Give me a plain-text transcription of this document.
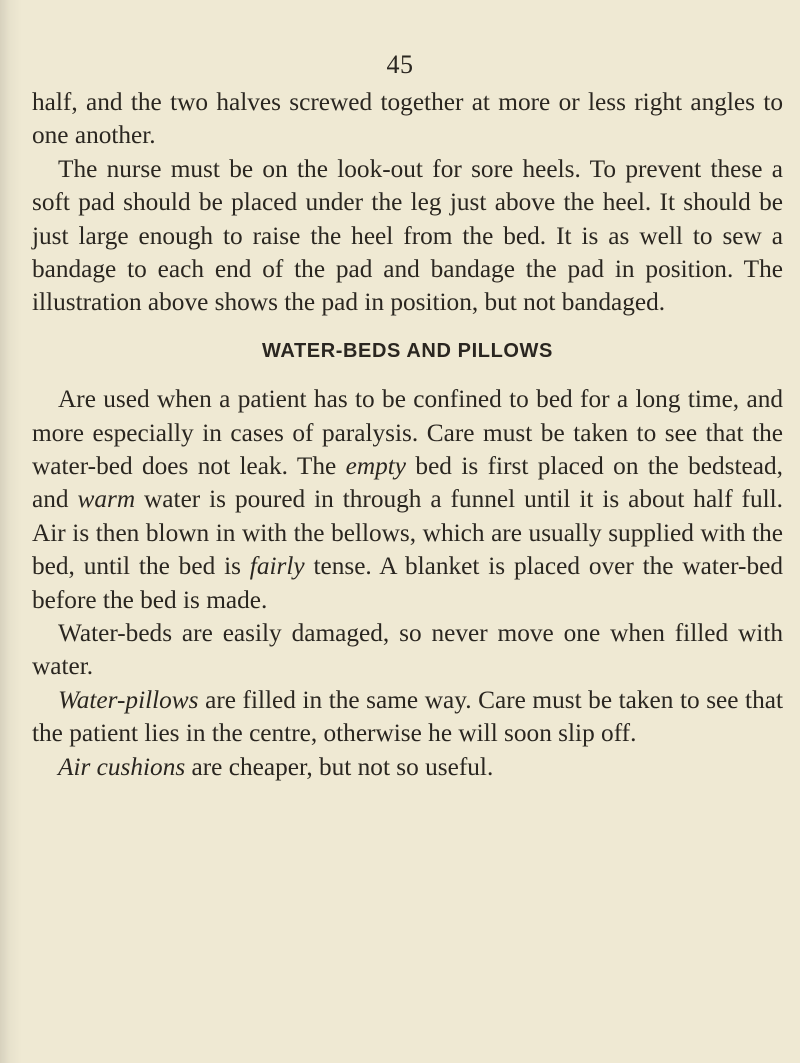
45

half, and the two halves screwed together at more or less right angles to one another.

The nurse must be on the look-out for sore heels. To prevent these a soft pad should be placed under the leg just above the heel. It should be just large enough to raise the heel from the bed. It is as well to sew a bandage to each end of the pad and bandage the pad in position. The illustration above shows the pad in position, but not bandaged.

WATER-BEDS AND PILLOWS

Are used when a patient has to be confined to bed for a long time, and more especially in cases of paralysis. Care must be taken to see that the water-bed does not leak. The empty bed is first placed on the bedstead, and warm water is poured in through a funnel until it is about half full. Air is then blown in with the bellows, which are usually supplied with the bed, until the bed is fairly tense. A blanket is placed over the water-bed before the bed is made.

Water-beds are easily damaged, so never move one when filled with water.

Water-pillows are filled in the same way. Care must be taken to see that the patient lies in the centre, otherwise he will soon slip off.

Air cushions are cheaper, but not so useful.
